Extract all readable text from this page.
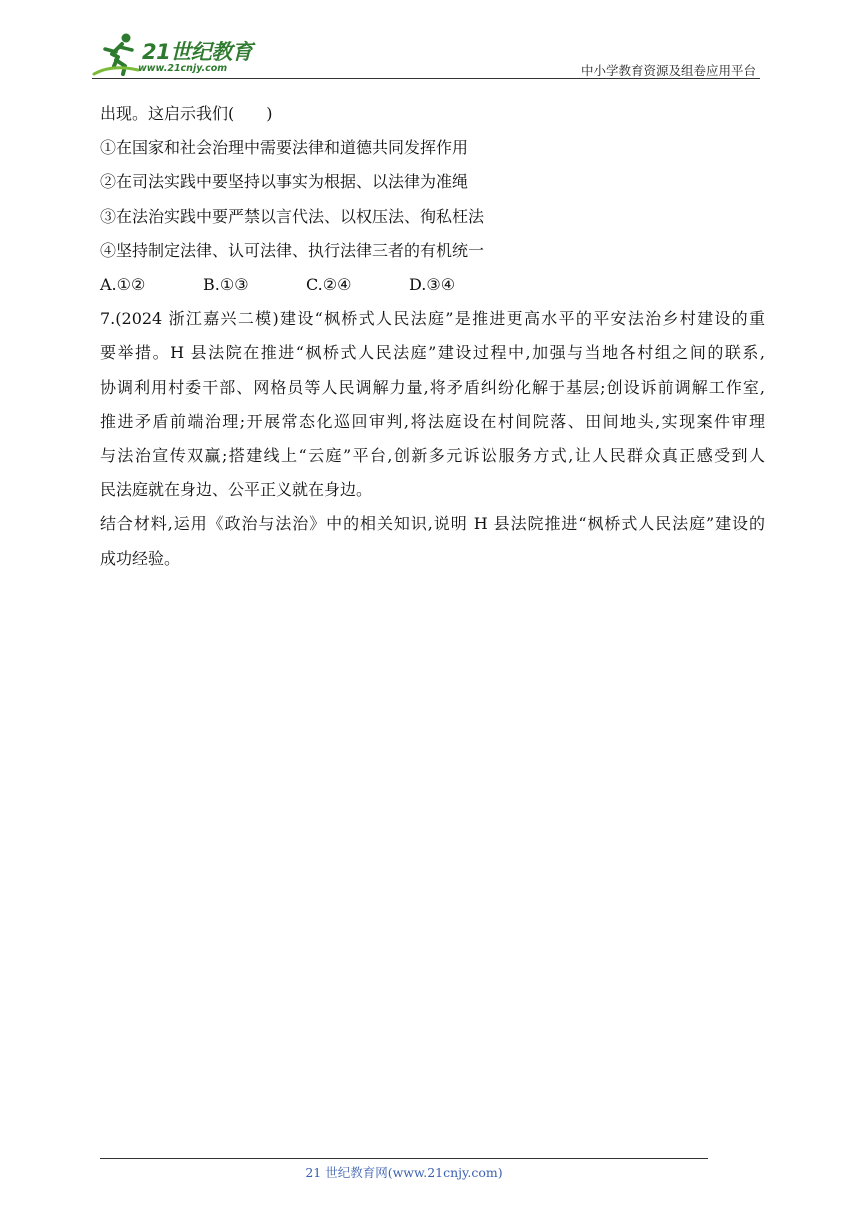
21世纪教育
www.21cnjy.com	中小学教育资源及组卷应用平台
出现。这启示我们(　　)
①在国家和社会治理中需要法律和道德共同发挥作用
②在司法实践中要坚持以事实为根据、以法律为准绳
③在法治实践中要严禁以言代法、以权压法、徇私枉法
④坚持制定法律、认可法律、执行法律三者的有机统一
A.①②	B.①③	C.②④	D.③④
7.(2024 浙江嘉兴二模)建设“枫桥式人民法庭”是推进更高水平的平安法治乡村建设的重
要举措。H 县法院在推进“枫桥式人民法庭”建设过程中,加强与当地各村组之间的联系,
协调利用村委干部、网格员等人民调解力量,将矛盾纠纷化解于基层;创设诉前调解工作室,
推进矛盾前端治理;开展常态化巡回审判,将法庭设在村间院落、田间地头,实现案件审理
与法治宣传双赢;搭建线上“云庭”平台,创新多元诉讼服务方式,让人民群众真正感受到人
民法庭就在身边、公平正义就在身边。
结合材料,运用《政治与法治》中的相关知识,说明 H 县法院推进“枫桥式人民法庭”建设的
成功经验。
21 世纪教育网(www.21cnjy.com)
